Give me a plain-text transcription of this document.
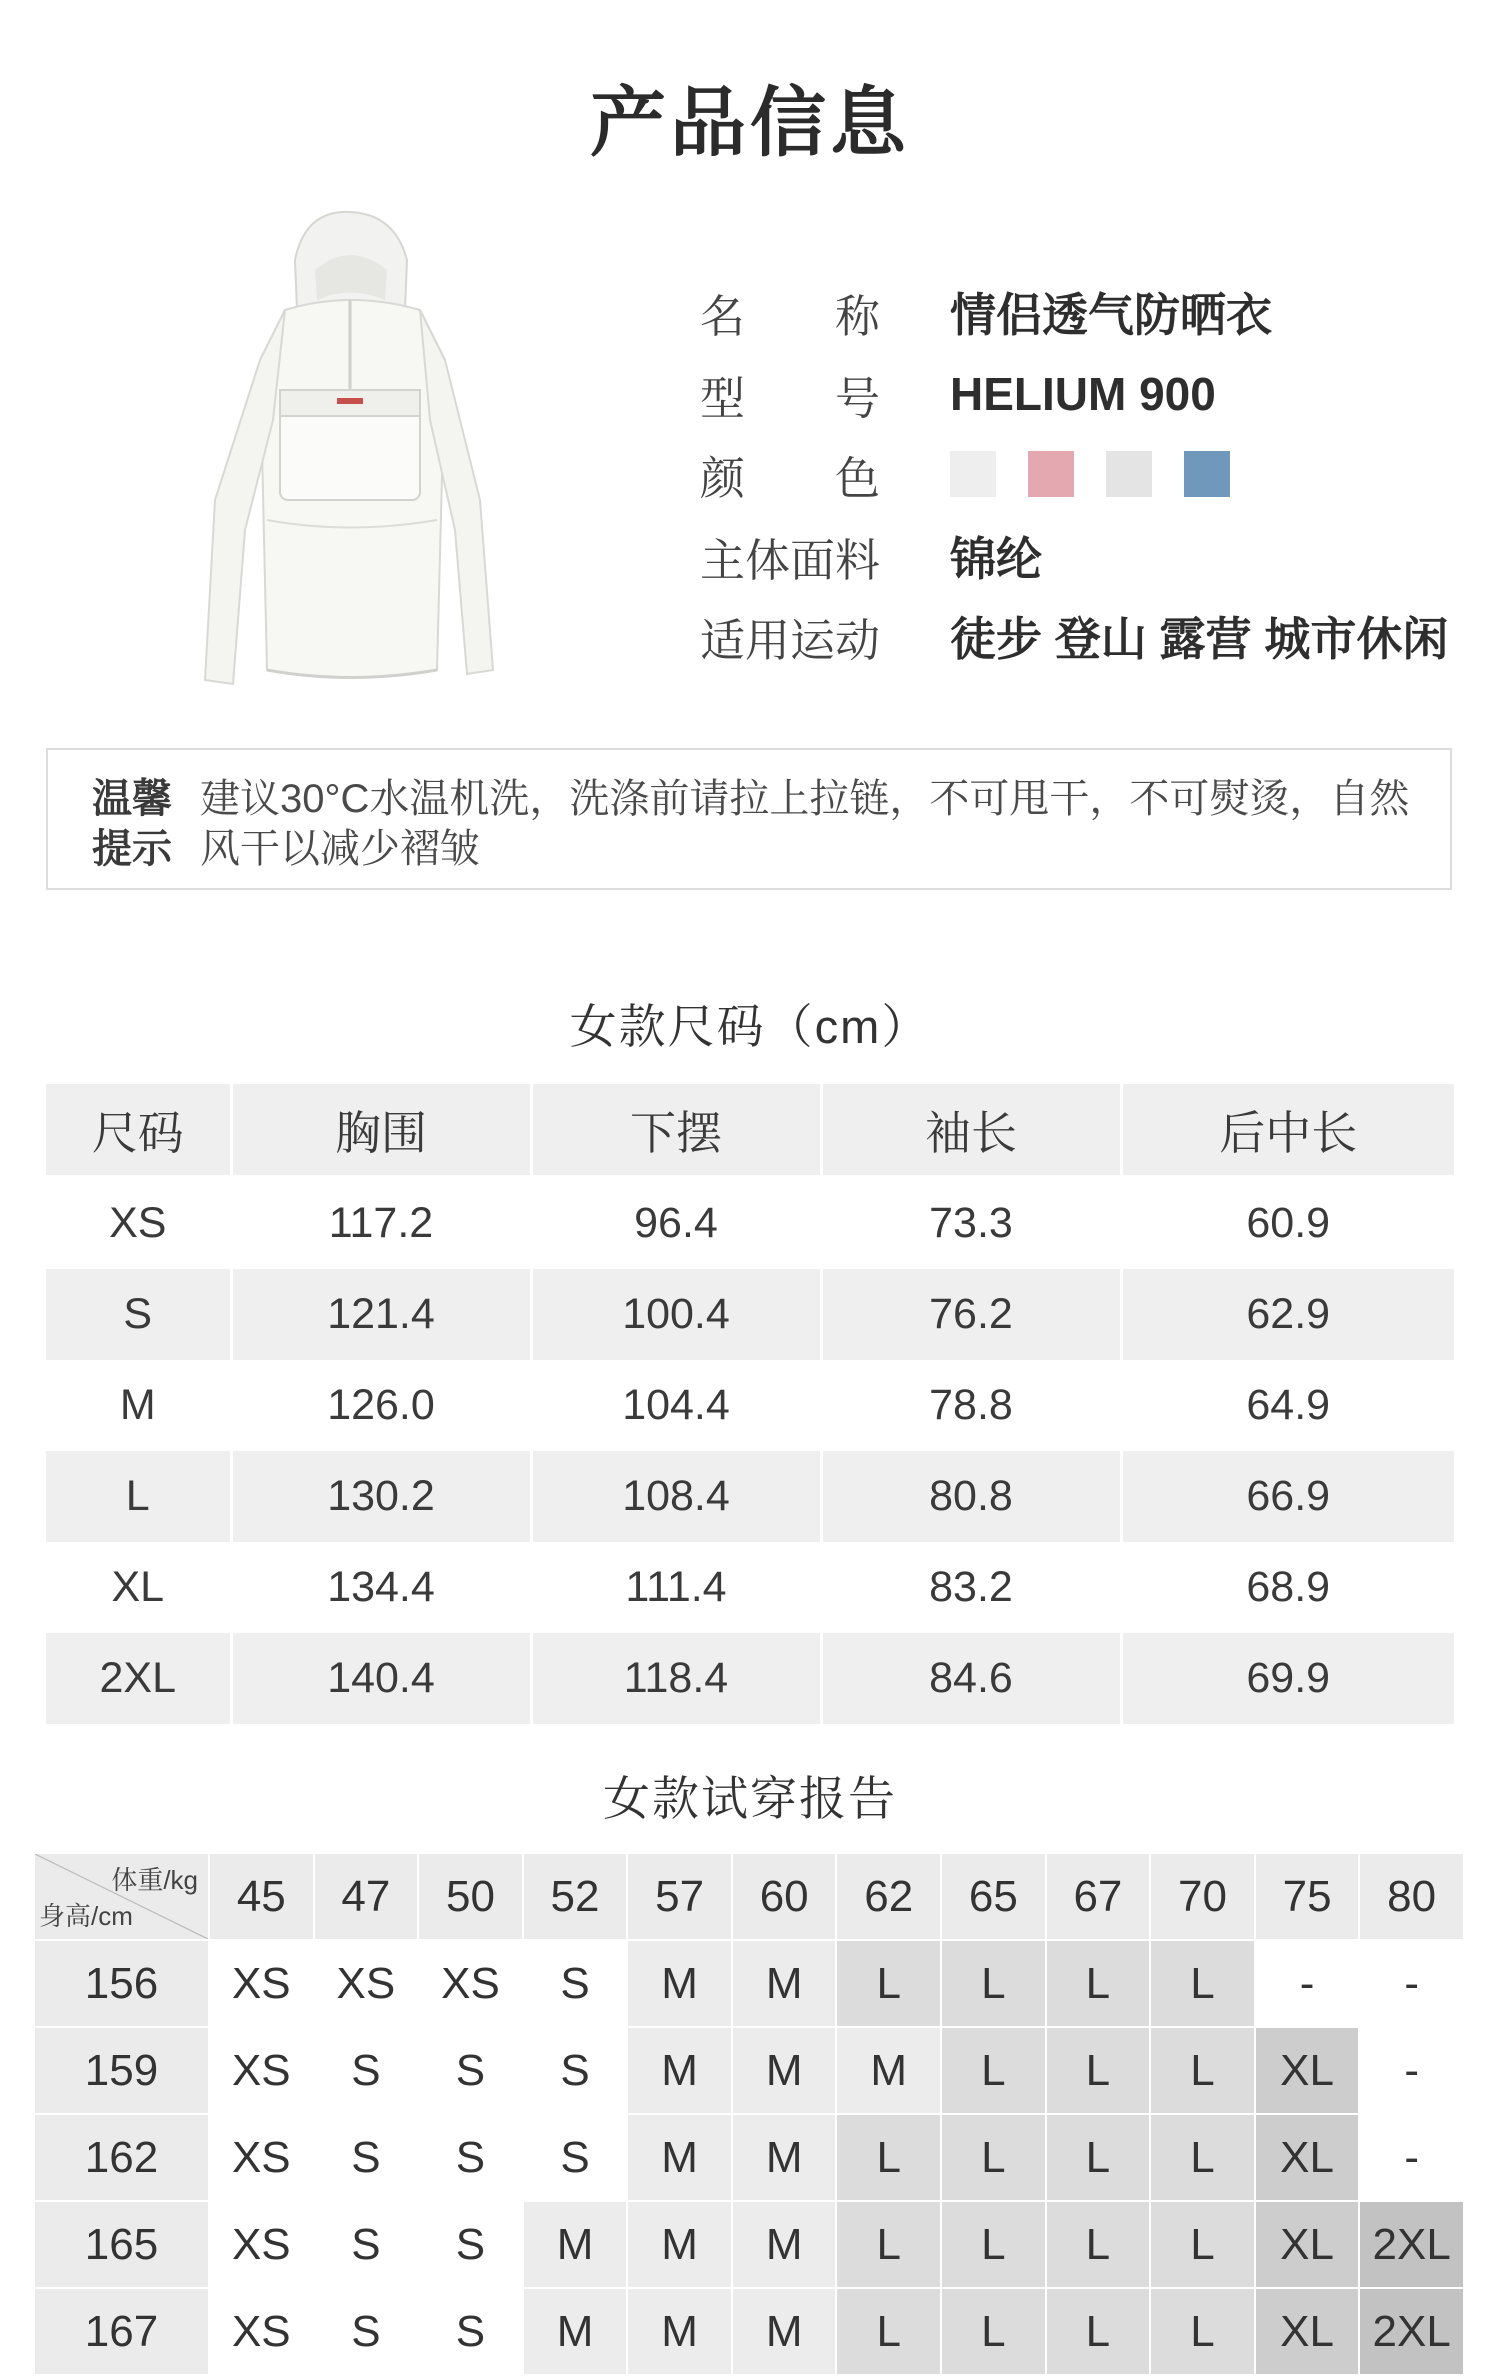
产品信息
名 称 情侣透气防晒衣
型 号 HELIUM 900
颜 色
主体面料 锦纶
适用运动 徒步 登山 露营 城市休闲
温馨
提示
建议30°C水温机洗，洗涤前请拉上拉链，不可甩干，不可熨烫，自然风干以减少褶皱
女款尺码（cm）
尺码	胸围	下摆	袖长	后中长
XS	117.2	96.4	73.3	60.9
S	121.4	100.4	76.2	62.9
M	126.0	104.4	78.8	64.9
L	130.2	108.4	80.8	66.9
XL	134.4	111.4	83.2	68.9
2XL	140.4	118.4	84.6	69.9
女款试穿报告
体重/kg
身高/cm	45	47	50	52	57	60	62	65	67	70	75	80
156	XS	XS	XS	S	M	M	L	L	L	L	-	-
159	XS	S	S	S	M	M	M	L	L	L	XL	-
162	XS	S	S	S	M	M	L	L	L	L	XL	-
165	XS	S	S	M	M	M	L	L	L	L	XL	2XL
167	XS	S	S	M	M	M	L	L	L	L	XL	2XL
